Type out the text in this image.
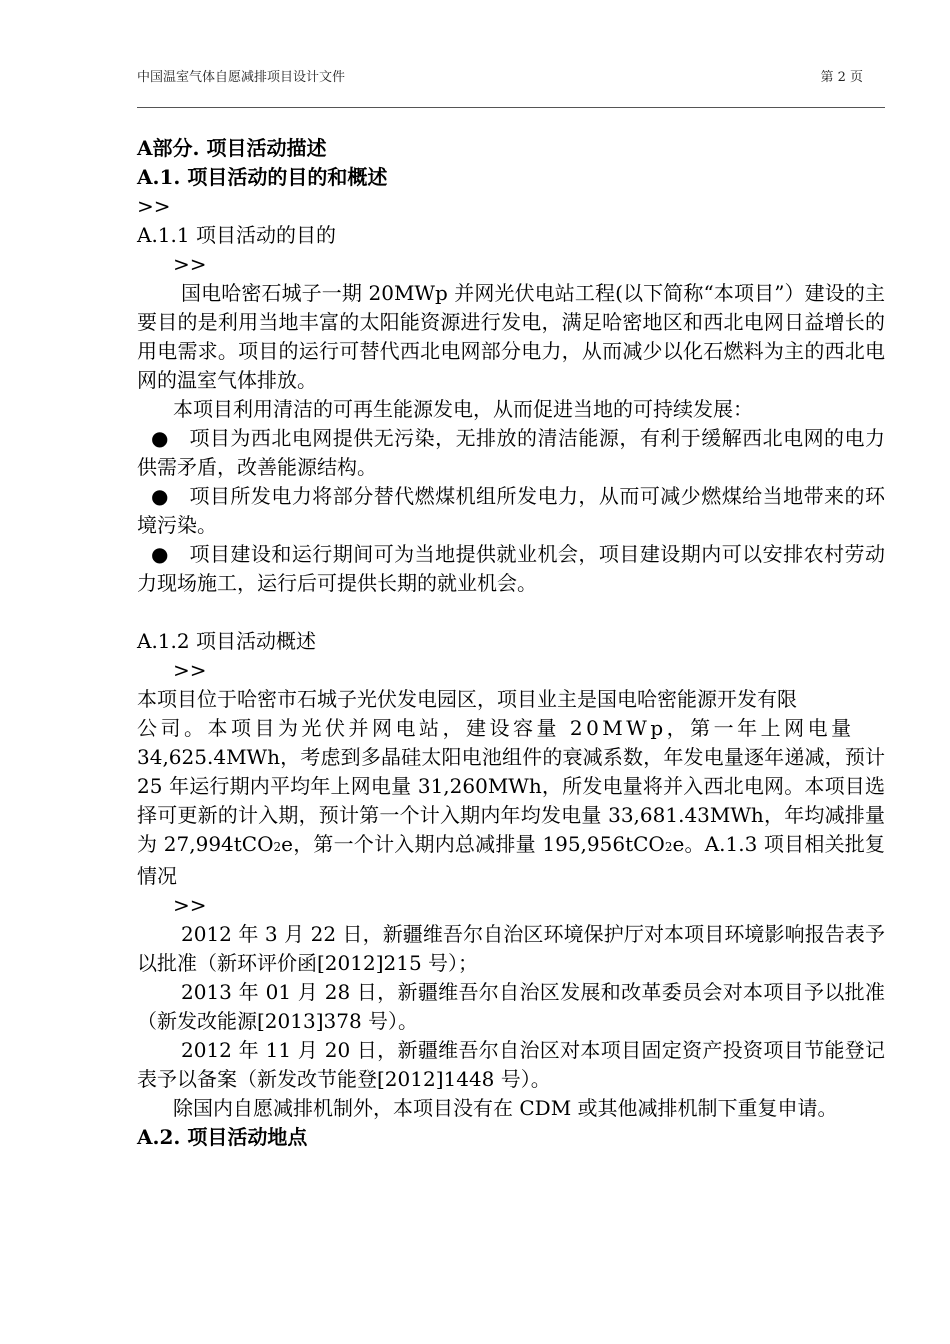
中国温室气体自愿减排项目设计文件	第 2 页

A部分. 项目活动描述

A.1. 项目活动的目的和概述

>>

A.1.1 项目活动的目的

>>

国电哈密石城子一期 20MWp 并网光伏电站工程(以下简称“本项目”）建设的主要目的是利用当地丰富的太阳能资源进行发电，满足哈密地区和西北电网日益增长的用电需求。项目的运行可替代西北电网部分电力，从而减少以化石燃料为主的西北电网的温室气体排放。

本项目利用清洁的可再生能源发电，从而促进当地的可持续发展：

● 项目为西北电网提供无污染，无排放的清洁能源，有利于缓解西北电网的电力供需矛盾，改善能源结构。

● 项目所发电力将部分替代燃煤机组所发电力，从而可减少燃煤给当地带来的环境污染。

● 项目建设和运行期间可为当地提供就业机会，项目建设期内可以安排农村劳动力现场施工，运行后可提供长期的就业机会。

A.1.2 项目活动概述

>>

本项目位于哈密市石城子光伏发电园区，项目业主是国电哈密能源开发有限

公司。本项目为光伏并网电站，建设容量 20MWp，第一年上网电量

34,625.4MWh，考虑到多晶硅太阳电池组件的衰减系数，年发电量逐年递减，预计 25 年运行期内平均年上网电量 31,260MWh，所发电量将并入西北电网。本项目选择可更新的计入期，预计第一个计入期内年均发电量 33,681.43MWh，年均减排量为 27,994tCO2e，第一个计入期内总减排量 195,956tCO2e。A.1.3 项目相关批复情况

>>

2012 年 3 月 22 日，新疆维吾尔自治区环境保护厅对本项目环境影响报告表予以批准（新环评价函[2012]215 号）；

2013 年 01 月 28 日，新疆维吾尔自治区发展和改革委员会对本项目予以批准（新发改能源[2013]378 号）。

2012 年 11 月 20 日，新疆维吾尔自治区对本项目固定资产投资项目节能登记表予以备案（新发改节能登[2012]1448 号）。

除国内自愿减排机制外，本项目没有在 CDM 或其他减排机制下重复申请。

A.2. 项目活动地点
